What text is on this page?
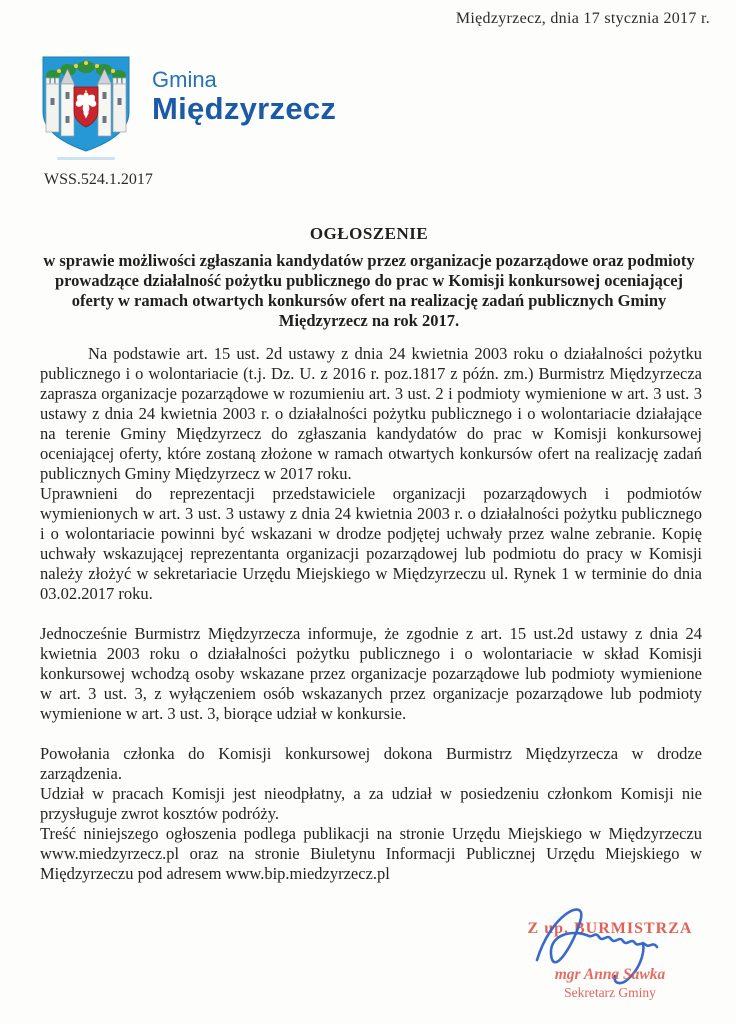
Międzyrzecz, dnia 17 stycznia 2017 r.
Gmina
Międzyrzecz
WSS.524.1.2017
OGŁOSZENIE
w sprawie możliwości zgłaszania kandydatów przez organizacje pozarządowe oraz podmioty prowadzące działalność pożytku publicznego do prac w Komisji konkursowej oceniającej oferty w ramach otwartych konkursów ofert na realizację zadań publicznych Gminy Międzyrzecz na rok 2017.

Na podstawie art. 15 ust. 2d ustawy z dnia 24 kwietnia 2003 roku o działalności pożytku publicznego i o wolontariacie (t.j. Dz. U. z 2016 r. poz.1817 z późn. zm.) Burmistrz Międzyrzecza zaprasza organizacje pozarządowe w rozumieniu art. 3 ust. 2 i podmioty wymienione w art. 3 ust. 3 ustawy z dnia 24 kwietnia 2003 r. o działalności pożytku publicznego i o wolontariacie działające na terenie Gminy Międzyrzecz do zgłaszania kandydatów do prac w Komisji konkursowej oceniającej oferty, które zostaną złożone w ramach otwartych konkursów ofert na realizację zadań publicznych Gminy Międzyrzecz w 2017 roku.

Uprawnieni do reprezentacji przedstawiciele organizacji pozarządowych i podmiotów wymienionych w art. 3 ust. 3 ustawy z dnia 24 kwietnia 2003 r. o działalności pożytku publicznego i o wolontariacie powinni być wskazani w drodze podjętej uchwały przez walne zebranie. Kopię uchwały wskazującej reprezentanta organizacji pozarządowej lub podmiotu do pracy w Komisji należy złożyć w sekretariacie Urzędu Miejskiego w Międzyrzeczu ul. Rynek 1 w terminie do dnia 03.02.2017 roku.

Jednocześnie Burmistrz Międzyrzecza informuje, że zgodnie z art. 15 ust.2d ustawy z dnia 24 kwietnia 2003 roku o działalności pożytku publicznego i o wolontariacie w skład Komisji konkursowej wchodzą osoby wskazane przez organizacje pozarządowe lub podmioty wymienione w art. 3 ust. 3, z wyłączeniem osób wskazanych przez organizacje pozarządowe lub podmioty wymienione w art. 3 ust. 3, biorące udział w konkursie.

Powołania członka do Komisji konkursowej dokona Burmistrz Międzyrzecza w drodze zarządzenia.

Udział w pracach Komisji jest nieodpłatny, a za udział w posiedzeniu członkom Komisji nie przysługuje zwrot kosztów podróży.

Treść niniejszego ogłoszenia podlega publikacji na stronie Urzędu Miejskiego w Międzyrzeczu www.miedzyrzecz.pl oraz na stronie Biuletynu Informacji Publicznej Urzędu Miejskiego w Międzyrzeczu pod adresem www.bip.miedzyrzecz.pl

Z up. BURMISTRZA
mgr Anna Sawka
Sekretarz Gminy
